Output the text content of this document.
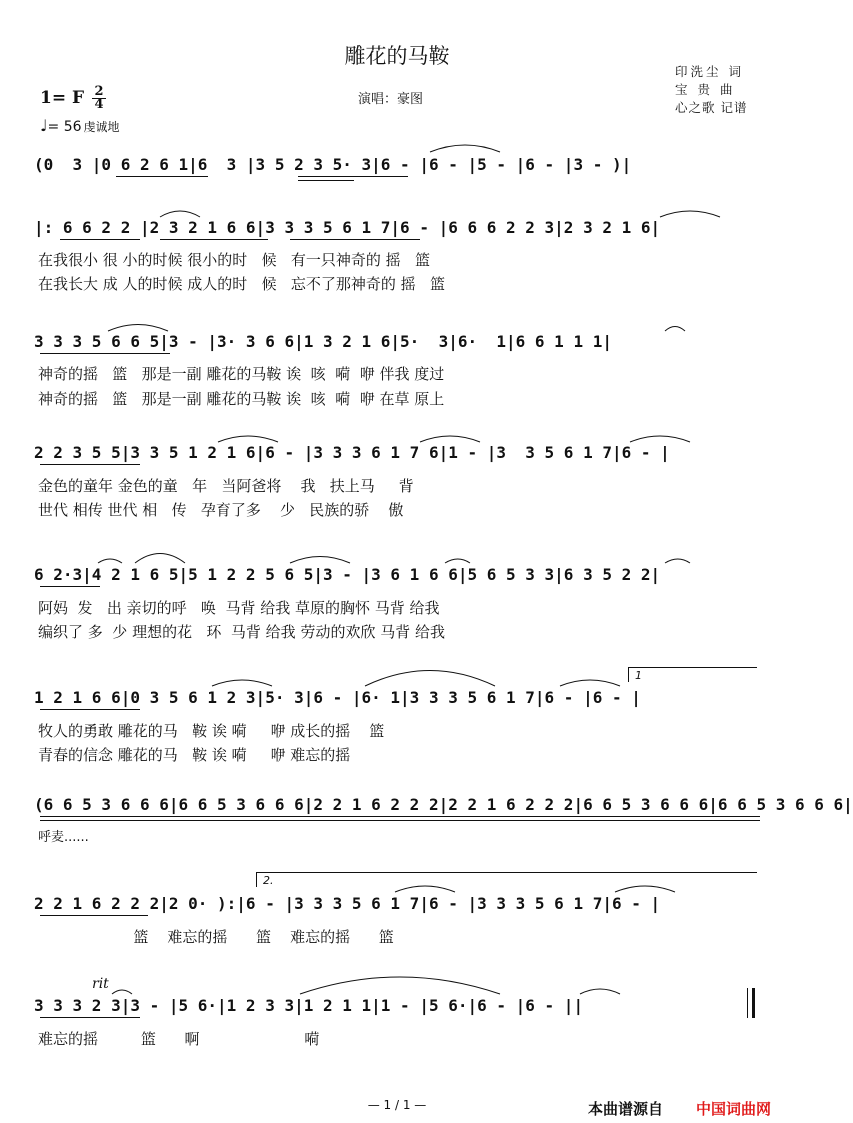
雕花的马鞍
演唱：豪图
印洗尘 词
宝 贵 曲
心之歌 记谱
1= F 2
4
♩= 56 虔诚地
(0  3 |0 6 2 6 1|6  3 |3 5 2 3 5· 3|6 - |6 - |5 - |6 - |3 - )|
|: 6 6 2 2 |2 3 2 1 6 6|3 3 3 5 6 1 7|6 - |6 6 6 2 2 3|2 3 2 1 6|
在我很小 很 小的时候 很小的时   候   有一只神奇的 摇   篮
在我长大 成 人的时候 成人的时   候   忘不了那神奇的 摇   篮
3 3 3 5 6 6 5|3 - |3· 3 6 6|1 3 2 1 6|5·  3|6·  1|6 6 1 1 1|
神奇的摇   篮   那是一副 雕花的马鞍 诶  咳  嗬  咿 伴我 度过
神奇的摇   篮   那是一副 雕花的马鞍 诶  咳  嗬  咿 在草 原上
2 2 3 5 5|3 3 5 1 2 1 6|6 - |3 3 3 6 1 7 6|1 - |3  3 5 6 1 7|6 - |
金色的童年 金色的童   年   当阿爸将    我   扶上马     背
世代 相传 世代 相   传   孕育了多    少   民族的骄    傲
6 2·3|4 2 1 6 5|5 1 2 2 5 6 5|3 - |3 6 1 6 6|5 6 5 3 3|6 3 5 2 2|
阿妈  发   出 亲切的呼   唤  马背 给我 草原的胸怀 马背 给我
编织了 多  少 理想的花   环  马背 给我 劳动的欢欣 马背 给我
1 2 1 6 6|0 3 5 6 1 2 3|5· 3|6 - |6· 1|3 3 3 5 6 1 7|6 - |6 - |
牧人的勇敢 雕花的马   鞍 诶 嗬     咿 成长的摇    篮
青春的信念 雕花的马   鞍 诶 嗬     咿 难忘的摇
(6 6 5 3 6 6 6|6 6 5 3 6 6 6|2 2 1 6 2 2 2|2 2 1 6 2 2 2|6 6 5 3 6 6 6|6 6 5 3 6 6 6|
呼麦......
2 2 1 6 2 2 2|2 0· ):|6 - |3 3 3 5 6 1 7|6 - |3 3 3 5 6 1 7|6 - |
篮    难忘的摇      篮    难忘的摇      篮
3 3 3 2 3|3 - |5 6·|1 2 3 3|1 2 1 1|1 - |5 6·|6 - |6 - ||
难忘的摇         篮      啊                      嗬
rit
1
2.
— 1 / 1 —	本曲谱源自 中国词曲网
